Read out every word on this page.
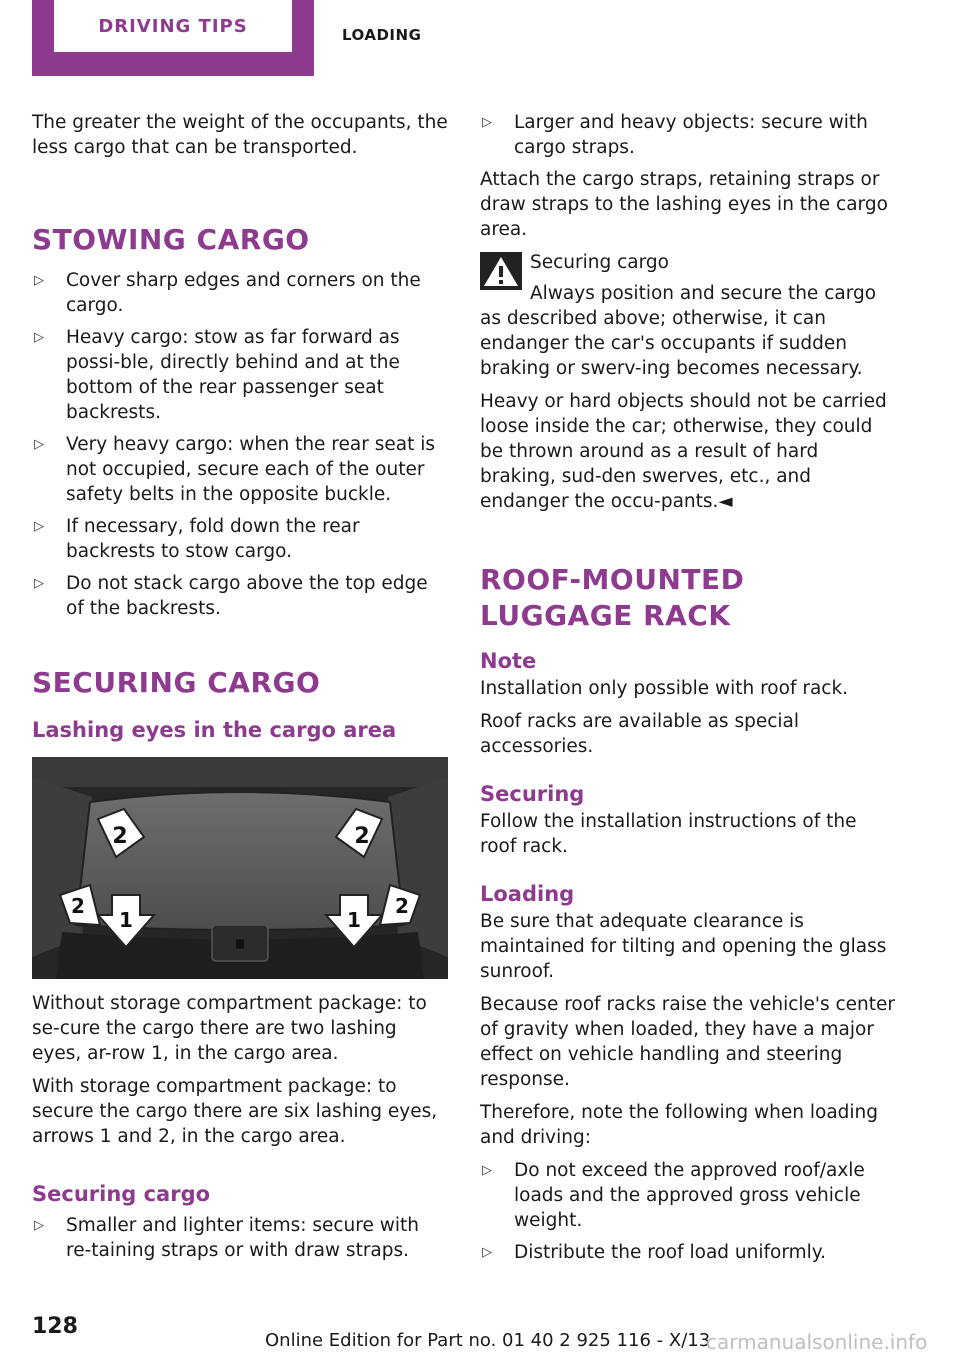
DRIVING TIPS	LOADING

The greater the weight of the occupants, the less cargo that can be transported.

STOWING CARGO
▷ Cover sharp edges and corners on the cargo.
▷ Heavy cargo: stow as far forward as possi-ble, directly behind and at the bottom of the rear passenger seat backrests.
▷ Very heavy cargo: when the rear seat is not occupied, secure each of the outer safety belts in the opposite buckle.
▷ If necessary, fold down the rear backrests to stow cargo.
▷ Do not stack cargo above the top edge of the backrests.
SECURING CARGO
Lashing eyes in the cargo area
2	2
1	1
2	2

Without storage compartment package: to se-cure the cargo there are two lashing eyes, ar-row 1, in the cargo area.

With storage compartment package: to secure the cargo there are six lashing eyes, arrows 1 and 2, in the cargo area.

Securing cargo
▷ Smaller and lighter items: secure with re-taining straps or with draw straps.
▷ Larger and heavy objects: secure with cargo straps.

Attach the cargo straps, retaining straps or draw straps to the lashing eyes in the cargo area.

Securing cargo

Always position and secure the cargo as described above; otherwise, it can endanger the car's occupants if sudden braking or swerv-ing becomes necessary.

Heavy or hard objects should not be carried loose inside the car; otherwise, they could be thrown around as a result of hard braking, sud-den swerves, etc., and endanger the occu-pants.◄

ROOF-MOUNTED LUGGAGE RACK
Note

Installation only possible with roof rack.

Roof racks are available as special accessories.

Securing

Follow the installation instructions of the roof rack.

Loading

Be sure that adequate clearance is maintained for tilting and opening the glass sunroof.

Because roof racks raise the vehicle's center of gravity when loaded, they have a major effect on vehicle handling and steering response.

Therefore, note the following when loading and driving:

▷ Do not exceed the approved roof/axle loads and the approved gross vehicle weight.
▷ Distribute the roof load uniformly.
128
Online Edition for Part no. 01 40 2 925 116 - X/13
carmanualsonline.info
